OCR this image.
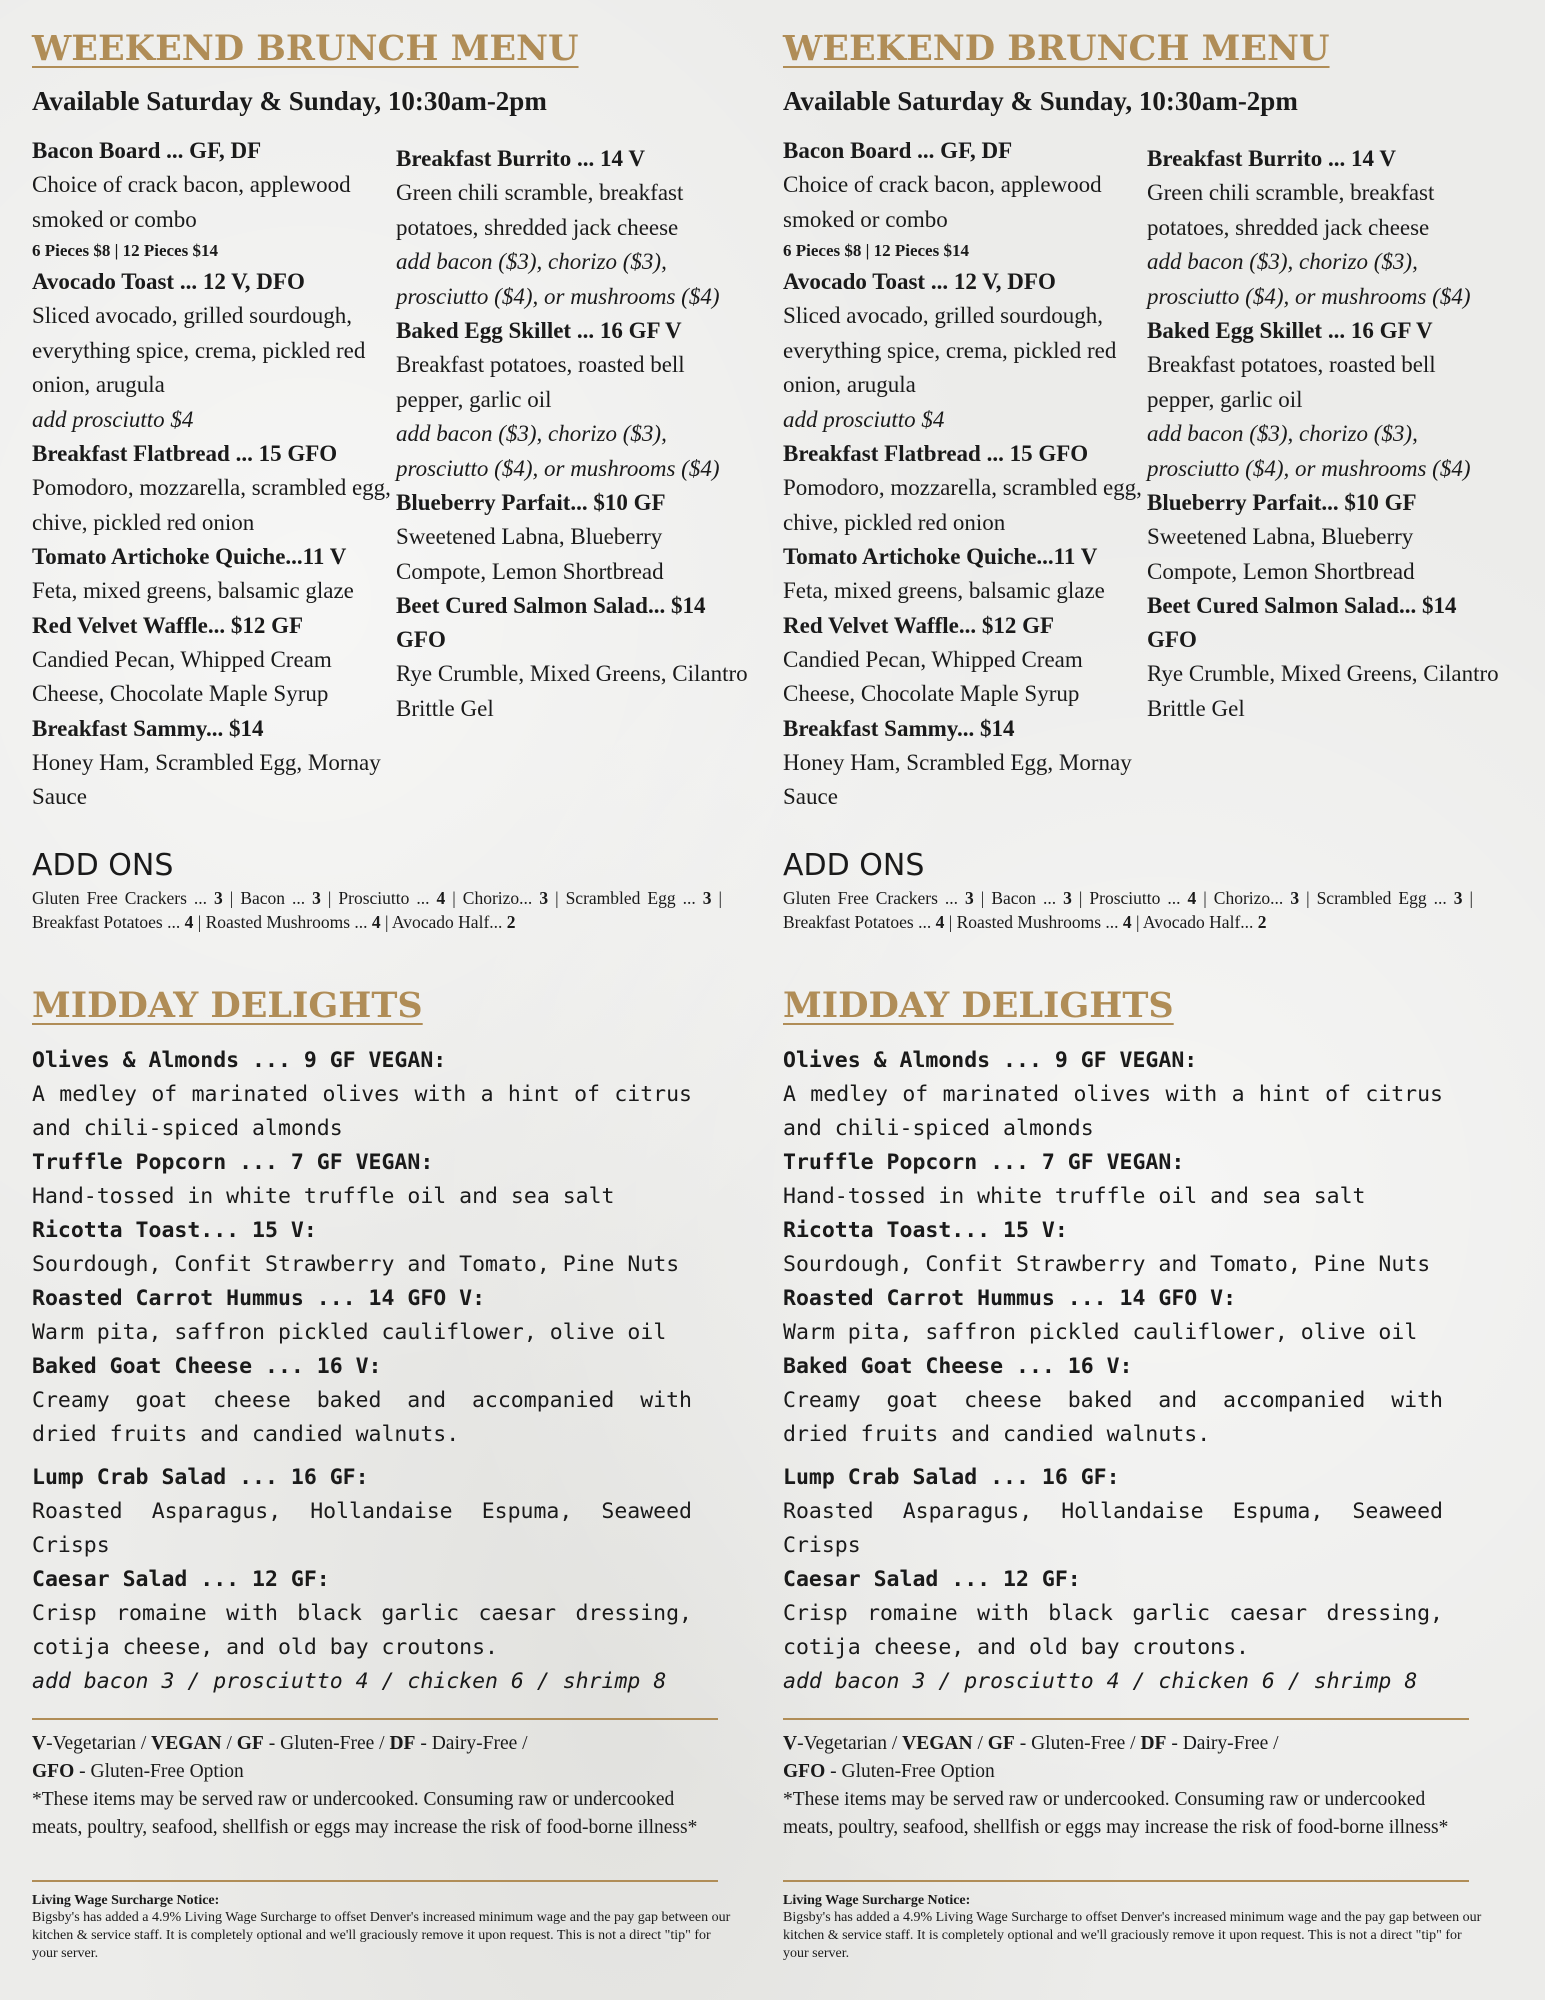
WEEKEND BRUNCH MENU
Available Saturday & Sunday, 10:30am-2pm
Bacon Board ... GF, DF
Choice of crack bacon, applewood smoked or combo
6 Pieces $8 | 12 Pieces $14
Avocado Toast ... 12 V, DFO
Sliced avocado, grilled sourdough, everything spice, crema, pickled red onion, arugula
add prosciutto $4
Breakfast Flatbread ... 15 GFO
Pomodoro, mozzarella, scrambled egg, chive, pickled red onion
Tomato Artichoke Quiche...11 V
Feta, mixed greens, balsamic glaze
Red Velvet Waffle... $12 GF
Candied Pecan, Whipped Cream Cheese, Chocolate Maple Syrup
Breakfast Sammy... $14
Honey Ham, Scrambled Egg, Mornay Sauce
Breakfast Burrito ... 14 V
Green chili scramble, breakfast potatoes, shredded jack cheese
add bacon ($3), chorizo ($3), prosciutto ($4), or mushrooms ($4)
Baked Egg Skillet ... 16 GF V
Breakfast potatoes, roasted bell pepper, garlic oil
add bacon ($3), chorizo ($3), prosciutto ($4), or mushrooms ($4)
Blueberry Parfait... $10 GF
Sweetened Labna, Blueberry Compote, Lemon Shortbread
Beet Cured Salmon Salad... $14 GFO
Rye Crumble, Mixed Greens, Cilantro Brittle Gel
ADD ONS
Gluten Free Crackers ... 3 | Bacon ... 3 | Prosciutto ... 4 | Chorizo... 3 | Scrambled Egg ... 3 | Breakfast Potatoes ... 4 | Roasted Mushrooms ... 4 | Avocado Half... 2
MIDDAY DELIGHTS
Olives & Almonds ... 9 GF VEGAN:
A medley of marinated olives with a hint of citrus and chili-spiced almonds
Truffle Popcorn ... 7 GF VEGAN:
Hand-tossed in white truffle oil and sea salt
Ricotta Toast... 15 V:
Sourdough, Confit Strawberry and Tomato, Pine Nuts
Roasted Carrot Hummus ... 14 GFO V:
Warm pita, saffron pickled cauliflower, olive oil
Baked Goat Cheese ... 16 V:
Creamy goat cheese baked and accompanied with dried fruits and candied walnuts.
Lump Crab Salad ... 16 GF:
Roasted Asparagus, Hollandaise Espuma, Seaweed Crisps
Caesar Salad ... 12 GF:
Crisp romaine with black garlic caesar dressing, cotija cheese, and old bay croutons.
add bacon 3 / prosciutto 4 / chicken 6 / shrimp 8
V-Vegetarian / VEGAN / GF - Gluten-Free / DF - Dairy-Free /
GFO - Gluten-Free Option
*These items may be served raw or undercooked. Consuming raw or undercooked meats, poultry, seafood, shellfish or eggs may increase the risk of food-borne illness*
Living Wage Surcharge Notice:
Bigsby's has added a 4.9% Living Wage Surcharge to offset Denver's increased minimum wage and the pay gap between our kitchen & service staff. It is completely optional and we'll graciously remove it upon request. This is not a direct "tip" for your server.
WEEKEND BRUNCH MENU
Available Saturday & Sunday, 10:30am-2pm
Bacon Board ... GF, DF
Choice of crack bacon, applewood smoked or combo
6 Pieces $8 | 12 Pieces $14
Avocado Toast ... 12 V, DFO
Sliced avocado, grilled sourdough, everything spice, crema, pickled red onion, arugula
add prosciutto $4
Breakfast Flatbread ... 15 GFO
Pomodoro, mozzarella, scrambled egg, chive, pickled red onion
Tomato Artichoke Quiche...11 V
Feta, mixed greens, balsamic glaze
Red Velvet Waffle... $12 GF
Candied Pecan, Whipped Cream Cheese, Chocolate Maple Syrup
Breakfast Sammy... $14
Honey Ham, Scrambled Egg, Mornay Sauce
Breakfast Burrito ... 14 V
Green chili scramble, breakfast potatoes, shredded jack cheese
add bacon ($3), chorizo ($3), prosciutto ($4), or mushrooms ($4)
Baked Egg Skillet ... 16 GF V
Breakfast potatoes, roasted bell pepper, garlic oil
add bacon ($3), chorizo ($3), prosciutto ($4), or mushrooms ($4)
Blueberry Parfait... $10 GF
Sweetened Labna, Blueberry Compote, Lemon Shortbread
Beet Cured Salmon Salad... $14 GFO
Rye Crumble, Mixed Greens, Cilantro Brittle Gel
ADD ONS
Gluten Free Crackers ... 3 | Bacon ... 3 | Prosciutto ... 4 | Chorizo... 3 | Scrambled Egg ... 3 | Breakfast Potatoes ... 4 | Roasted Mushrooms ... 4 | Avocado Half... 2
MIDDAY DELIGHTS
Olives & Almonds ... 9 GF VEGAN:
A medley of marinated olives with a hint of citrus and chili-spiced almonds
Truffle Popcorn ... 7 GF VEGAN:
Hand-tossed in white truffle oil and sea salt
Ricotta Toast... 15 V:
Sourdough, Confit Strawberry and Tomato, Pine Nuts
Roasted Carrot Hummus ... 14 GFO V:
Warm pita, saffron pickled cauliflower, olive oil
Baked Goat Cheese ... 16 V:
Creamy goat cheese baked and accompanied with dried fruits and candied walnuts.
Lump Crab Salad ... 16 GF:
Roasted Asparagus, Hollandaise Espuma, Seaweed Crisps
Caesar Salad ... 12 GF:
Crisp romaine with black garlic caesar dressing, cotija cheese, and old bay croutons.
add bacon 3 / prosciutto 4 / chicken 6 / shrimp 8
V-Vegetarian / VEGAN / GF - Gluten-Free / DF - Dairy-Free /
GFO - Gluten-Free Option
*These items may be served raw or undercooked. Consuming raw or undercooked meats, poultry, seafood, shellfish or eggs may increase the risk of food-borne illness*
Living Wage Surcharge Notice:
Bigsby's has added a 4.9% Living Wage Surcharge to offset Denver's increased minimum wage and the pay gap between our kitchen & service staff. It is completely optional and we'll graciously remove it upon request. This is not a direct "tip" for your server.
